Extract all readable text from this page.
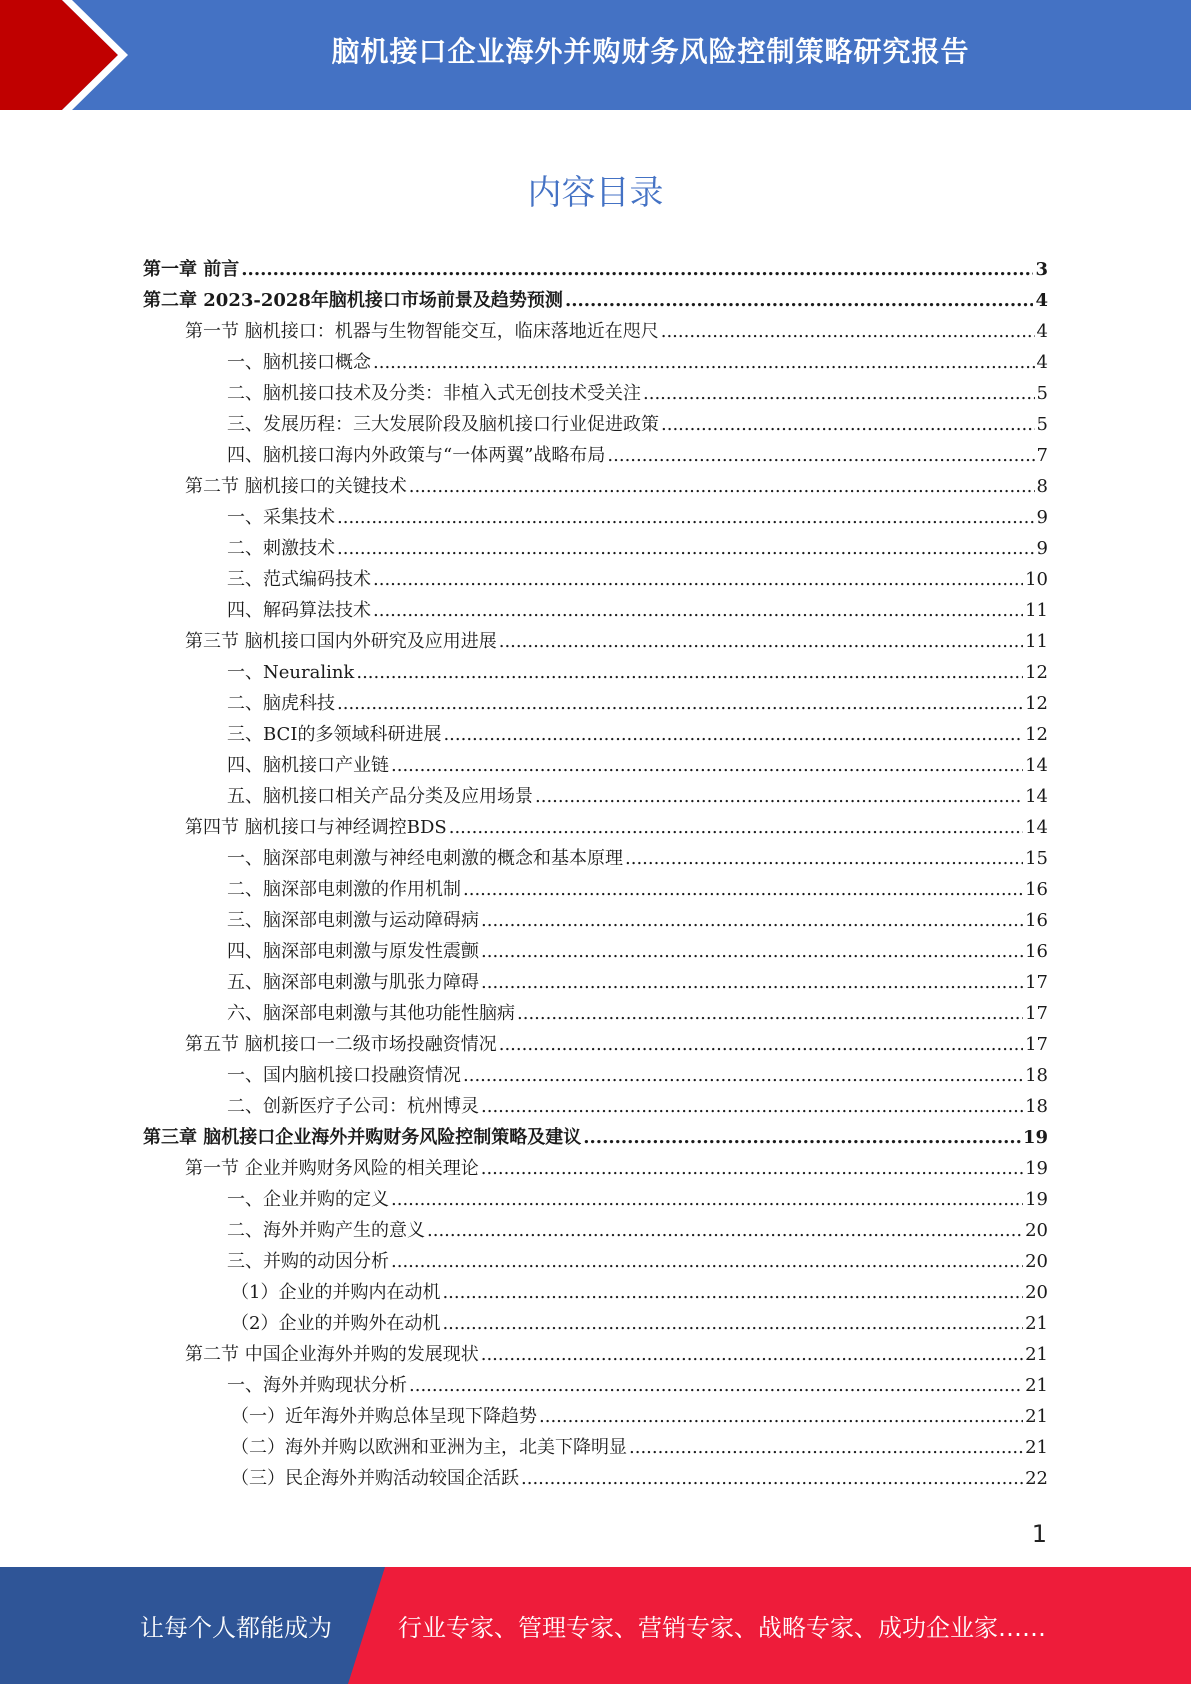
脑机接口企业海外并购财务风险控制策略研究报告
内容目录
第一章 前言 .....	3
第二章 2023-2028年脑机接口市场前景及趋势预测 .....	4
第一节 脑机接口：机器与生物智能交互，临床落地近在咫尺 .....	4
一、脑机接口概念 .....	4
二、脑机接口技术及分类：非植入式无创技术受关注 .....	5
三、发展历程：三大发展阶段及脑机接口行业促进政策 .....	5
四、脑机接口海内外政策与“一体两翼”战略布局 .....	7
第二节 脑机接口的关键技术 .....	8
一、采集技术 .....	9
二、刺激技术 .....	9
三、范式编码技术 .....	10
四、解码算法技术 .....	11
第三节 脑机接口国内外研究及应用进展 .....	11
一、Neuralink .....	12
二、脑虎科技 .....	12
三、BCI的多领域科研进展 .....	12
四、脑机接口产业链 .....	14
五、脑机接口相关产品分类及应用场景 .....	14
第四节 脑机接口与神经调控BDS .....	14
一、脑深部电刺激与神经电刺激的概念和基本原理 .....	15
二、脑深部电刺激的作用机制 .....	16
三、脑深部电刺激与运动障碍病 .....	16
四、脑深部电刺激与原发性震颤 .....	16
五、脑深部电刺激与肌张力障碍 .....	17
六、脑深部电刺激与其他功能性脑病 .....	17
第五节 脑机接口一二级市场投融资情况 .....	17
一、国内脑机接口投融资情况 .....	18
二、创新医疗子公司：杭州博灵 .....	18
第三章 脑机接口企业海外并购财务风险控制策略及建议 .....	19
第一节 企业并购财务风险的相关理论 .....	19
一、企业并购的定义 .....	19
二、海外并购产生的意义 .....	20
三、并购的动因分析 .....	20
（1）企业的并购内在动机 .....	20
（2）企业的并购外在动机 .....	21
第二节 中国企业海外并购的发展现状 .....	21
一、海外并购现状分析 .....	21
（一）近年海外并购总体呈现下降趋势 .....	21
（二）海外并购以欧洲和亚洲为主，北美下降明显 .....	21
（三）民企海外并购活动较国企活跃 .....	22
1
让每个人都能成为	行业专家、管理专家、营销专家、战略专家、成功企业家……
